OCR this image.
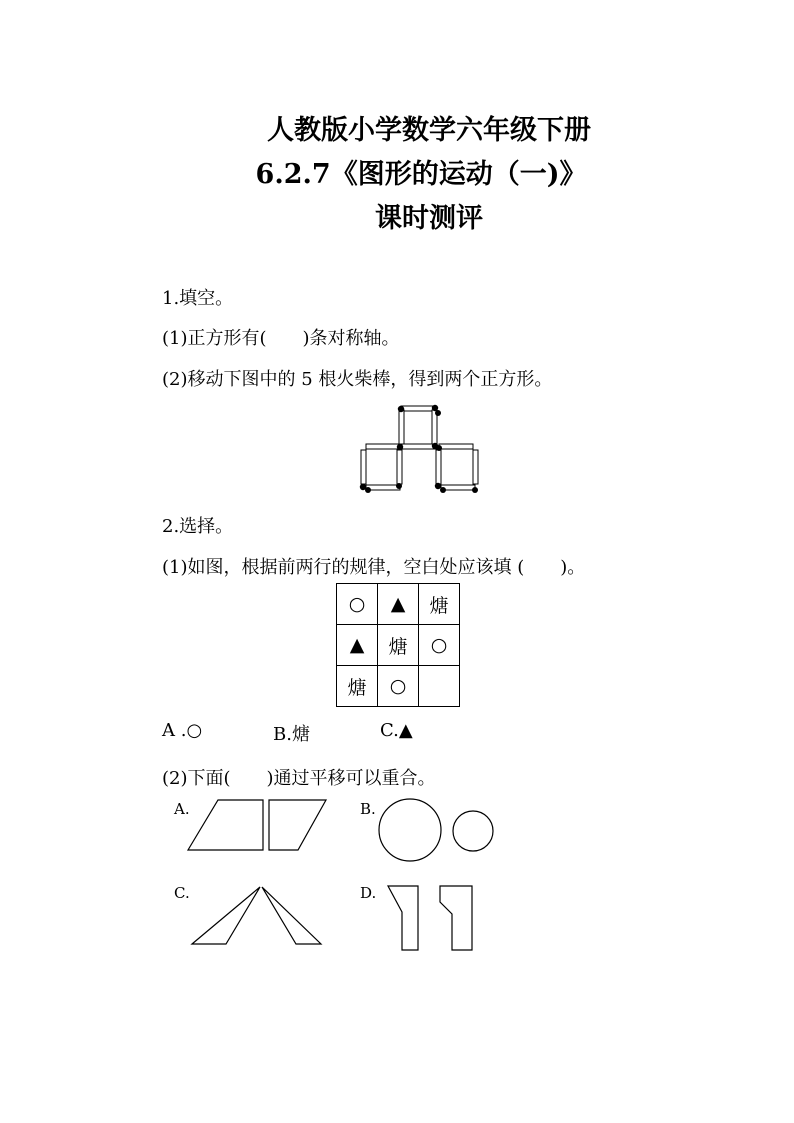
人教版小学数学六年级下册
6.2.7《图形的运动（一)》
课时测评
1.填空。
(1)正方形有(　　)条对称轴。
(2)移动下图中的 5 根火柴棒，得到两个正方形。
2.选择。
(1)如图，根据前两行的规律，空白处应该填 (　　)。
○	▲	煻
▲	煻	○
煻	○	
A .○	B.煻	C.▲
(2)下面(　　)通过平移可以重合。
A.	B.
C.	D.
